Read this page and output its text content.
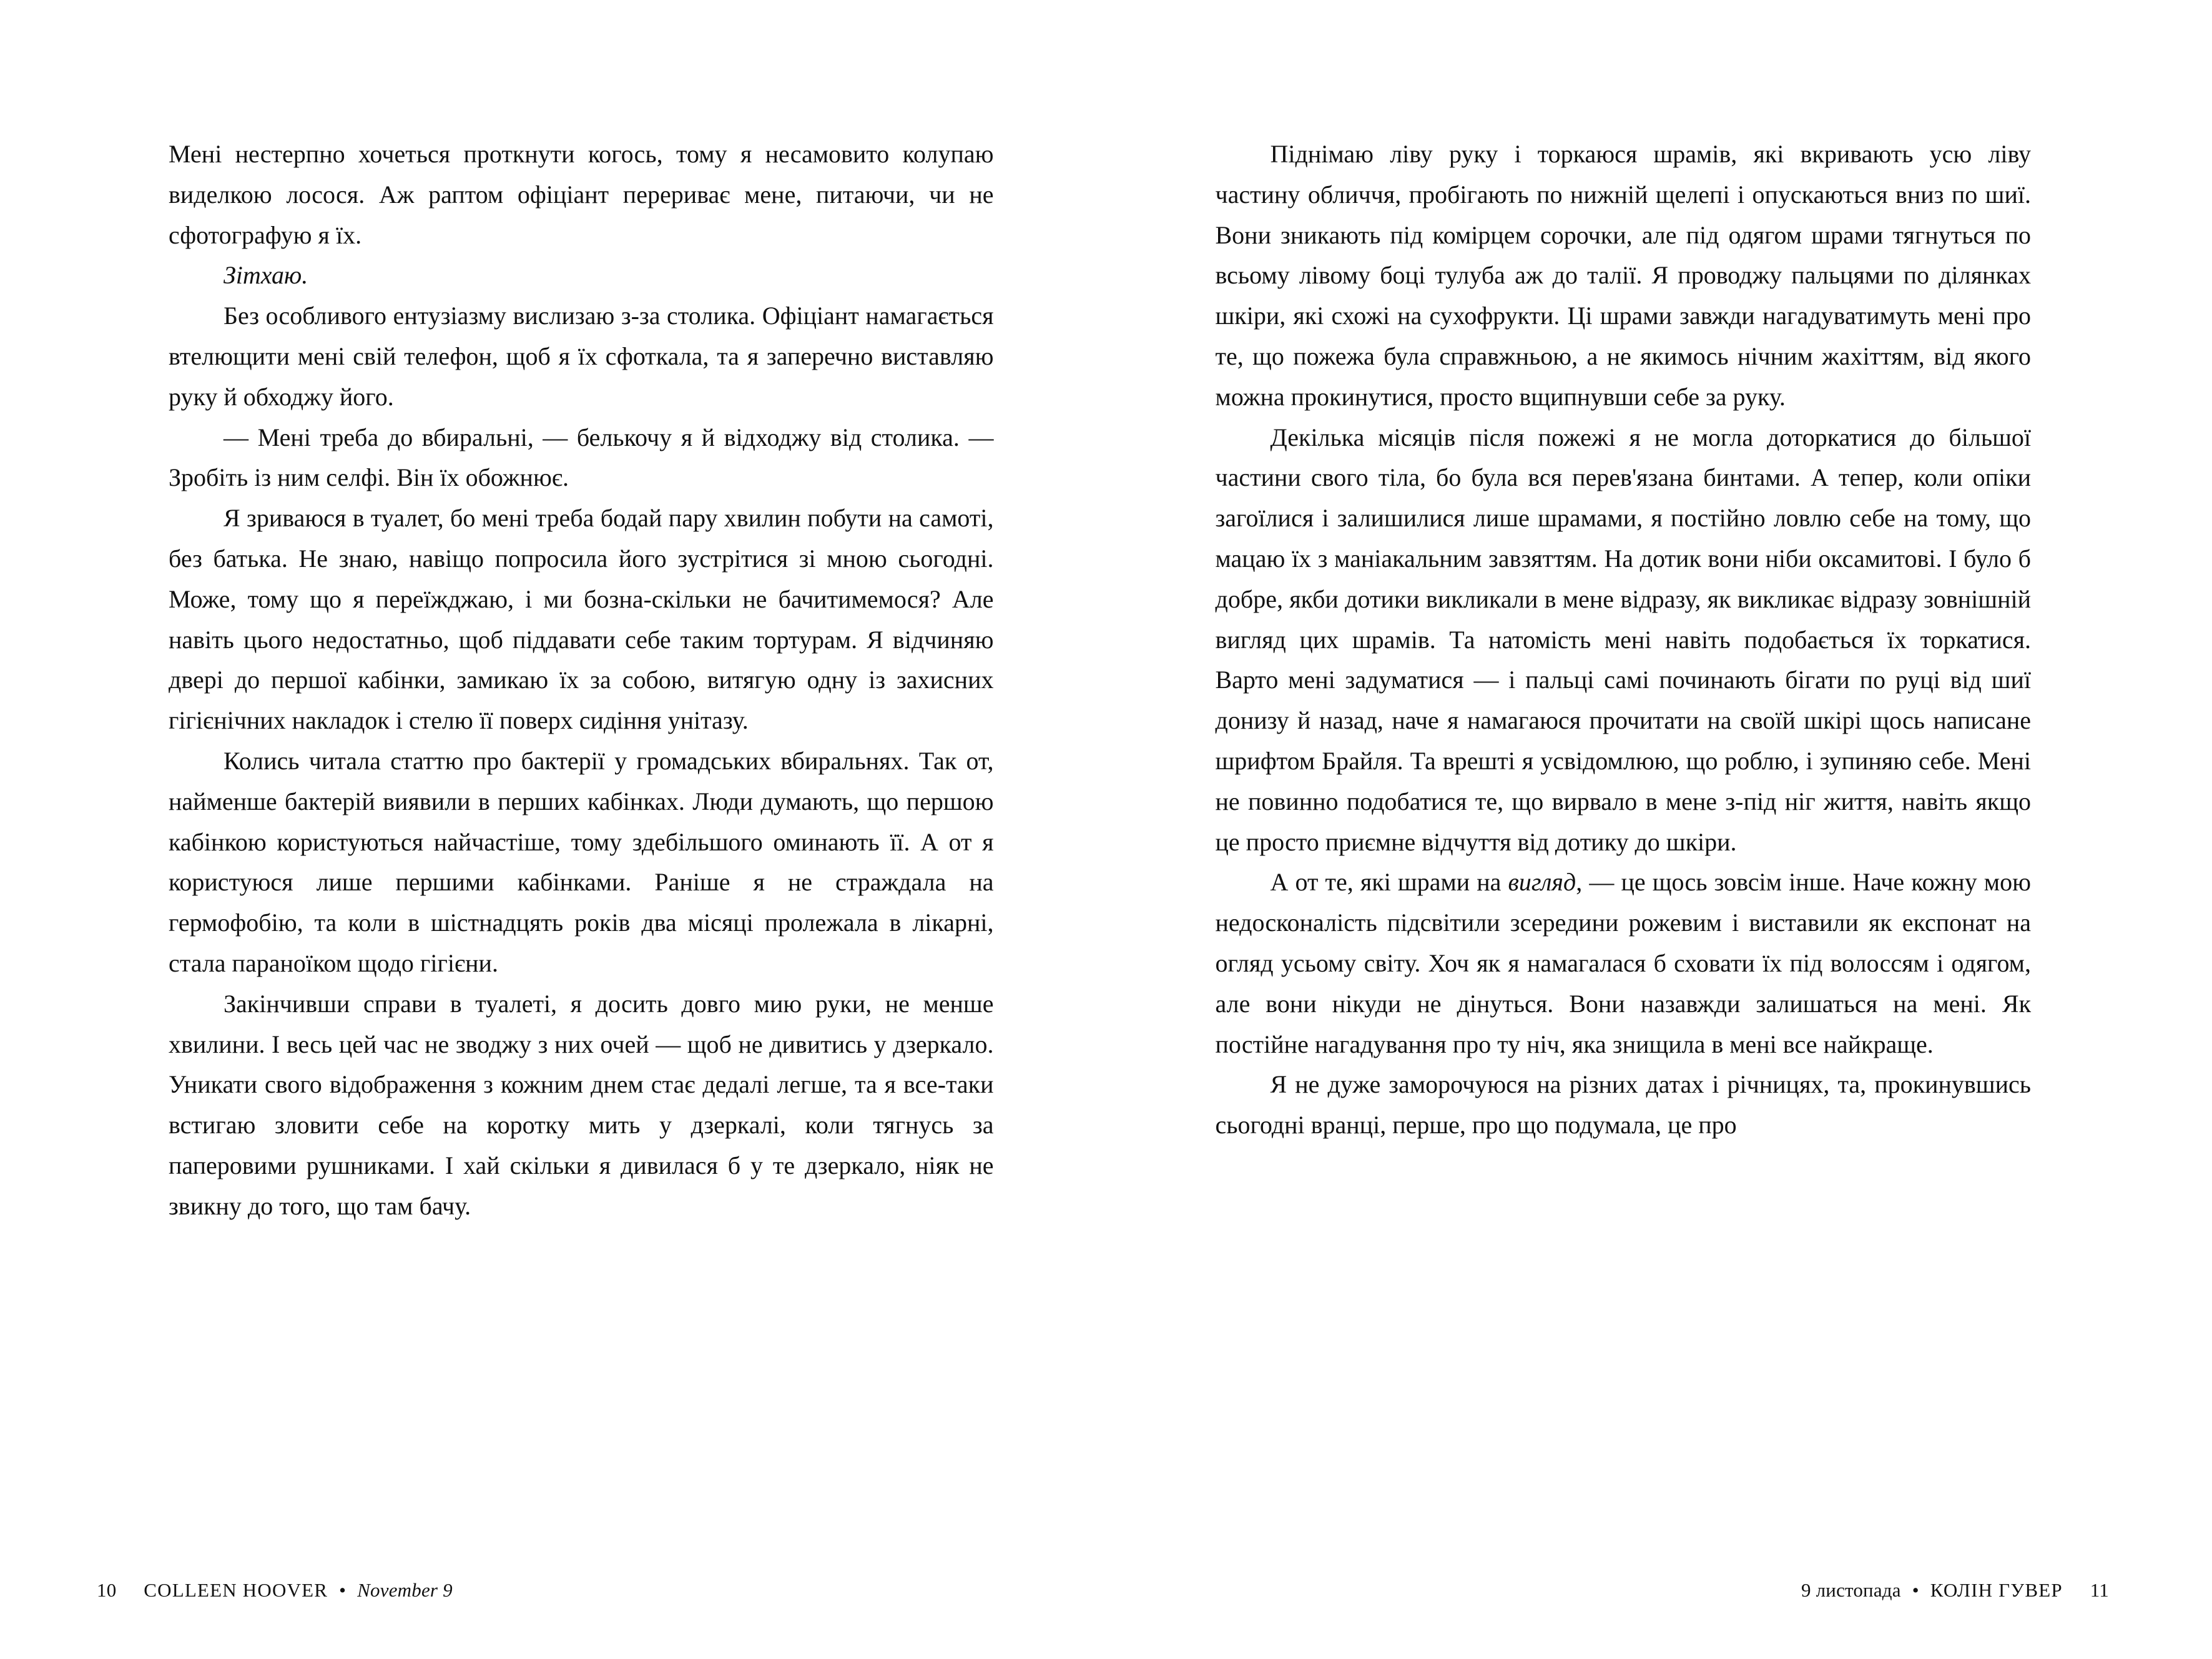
Мені нестерпно хочеться проткнути когось, тому я несамовито колупаю виделкою лосося. Аж раптом офіціант перериває мене, питаючи, чи не сфотографую я їх.

Зітхаю.

Без особливого ентузіазму вислизаю з-за столика. Офіціант намагається втелющити мені свій телефон, щоб я їх сфоткала, та я заперечно виставляю руку й обходжу його.

— Мені треба до вбиральні, — белькочу я й відходжу від столика. — Зробіть із ним селфі. Він їх обожнює.

Я зриваюся в туалет, бо мені треба бодай пару хвилин побути на самоті, без батька. Не знаю, навіщо попросила його зустрітися зі мною сьогодні. Може, тому що я переїжджаю, і ми бозна-скільки не бачитимемося? Але навіть цього недостатньо, щоб піддавати себе таким тортурам. Я відчиняю двері до першої кабінки, замикаю їх за собою, витягую одну із захисних гігієнічних накладок і стелю її поверх сидіння унітазу.

Колись читала статтю про бактерії у громадських вбиральнях. Так от, найменше бактерій виявили в перших кабінках. Люди думають, що першою кабінкою користуються найчастіше, тому здебільшого оминають її. А от я користуюся лише першими кабінками. Раніше я не страждала на гермофобію, та коли в шістнадцять років два місяці пролежала в лікарні, стала параноїком щодо гігієни.

Закінчивши справи в туалеті, я досить довго мию руки, не менше хвилини. І весь цей час не зводжу з них очей — щоб не дивитись у дзеркало. Уникати свого відображення з кожним днем стає дедалі легше, та я все-таки встигаю зловити себе на коротку мить у дзеркалі, коли тягнусь за паперовими рушниками. І хай скільки я дивилася б у те дзеркало, ніяк не звикну до того, що там бачу.

10 COLLEEN HOOVER • November 9

Піднімаю ліву руку і торкаюся шрамів, які вкривають усю ліву частину обличчя, пробігають по нижній щелепі і опускаються вниз по шиї. Вони зникають під комірцем сорочки, але під одягом шрами тягнуться по всьому лівому боці тулуба аж до талії. Я проводжу пальцями по ділянках шкіри, які схожі на сухофрукти. Ці шрами завжди нагадуватимуть мені про те, що пожежа була справжньою, а не якимось нічним жахіттям, від якого можна прокинутися, просто вщипнувши себе за руку.

Декілька місяців після пожежі я не могла доторкатися до більшої частини свого тіла, бо була вся перев'язана бинтами. А тепер, коли опіки загоїлися і залишилися лише шрамами, я постійно ловлю себе на тому, що мацаю їх з маніакальним завзяттям. На дотик вони ніби оксамитові. І було б добре, якби дотики викликали в мене відразу, як викликає відразу зовнішній вигляд цих шрамів. Та натомість мені навіть подобається їх торкатися. Варто мені задуматися — і пальці самі починають бігати по руці від шиї донизу й назад, наче я намагаюся прочитати на своїй шкірі щось написане шрифтом Брайля. Та врешті я усвідомлюю, що роблю, і зупиняю себе. Мені не повинно подобатися те, що вирвало в мене з-під ніг життя, навіть якщо це просто приємне відчуття від дотику до шкіри.

А от те, які шрами на вигляд, — це щось зовсім інше. Наче кожну мою недосконалість підсвітили зсередини рожевим і виставили як експонат на огляд усьому світу. Хоч як я намагалася б сховати їх під волоссям і одягом, але вони нікуди не дінуться. Вони назавжди залишаться на мені. Як постійне нагадування про ту ніч, яка знищила в мені все найкраще.

Я не дуже заморочуюся на різних датах і річницях, та, прокинувшись сьогодні вранці, перше, про що подумала, це про

9 листопада • КОЛІН ГУВЕР 11
